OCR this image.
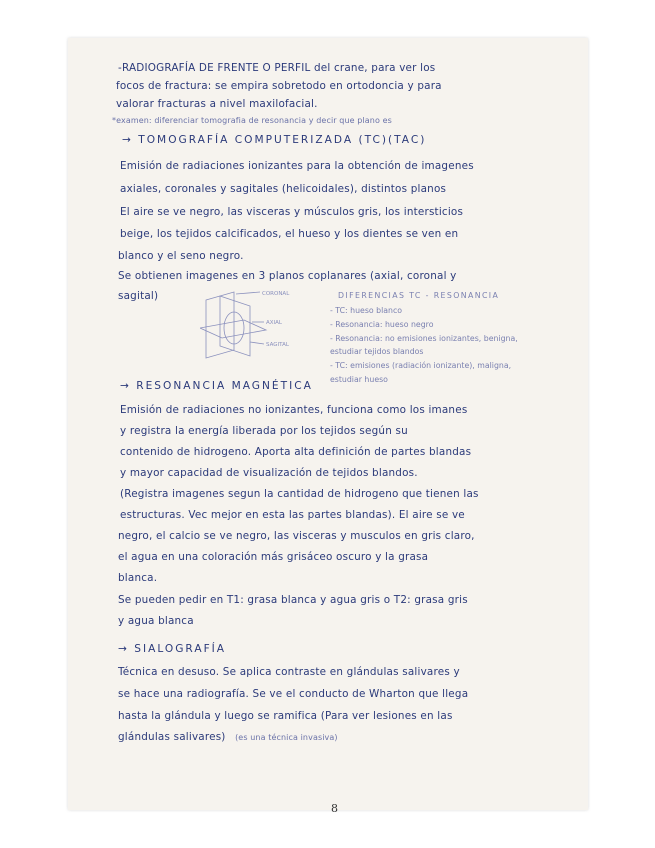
-RADIOGRAFÍA DE FRENTE O PERFIL del crane, para ver los
focos de fractura: se empira sobretodo en ortodoncia y para
valorar fracturas a nivel maxilofacial.
*examen: diferenciar tomografia de resonancia y decir que plano es
→ TOMOGRAFÍA COMPUTERIZADA (TC)(TAC)
Emisión de radiaciones ionizantes para la obtención de imagenes
axiales, coronales y sagitales (helicoidales), distintos planos
El aire se ve negro, las visceras y músculos gris, los intersticios
beige, los tejidos calcificados, el hueso y los dientes se ven en
blanco y el seno negro.
Se obtienen imagenes en 3 planos coplanares (axial, coronal y
sagital)	CORONAL
AXIAL
SAGITAL
DIFERENCIAS TC - RESONANCIA
- TC: hueso blanco
- Resonancia: hueso negro
- Resonancia: no emisiones ionizantes, benigna,
estudiar tejidos blandos
- TC: emisiones (radiación ionizante), maligna,
estudiar hueso
→ RESONANCIA MAGNÉTICA
Emisión de radiaciones no ionizantes, funciona como los imanes
y registra la energía liberada por los tejidos según su
contenido de hidrogeno. Aporta alta definición de partes blandas
y mayor capacidad de visualización de tejidos blandos.
(Registra imagenes segun la cantidad de hidrogeno que tienen las
estructuras. Vec mejor en esta las partes blandas). El aire se ve
negro, el calcio se ve negro, las visceras y musculos en gris claro,
el agua en una coloración más grisáceo oscuro y la grasa
blanca.
Se pueden pedir en T1: grasa blanca y agua gris o T2: grasa gris
y agua blanca
→ SIALOGRAFÍA
Técnica en desuso. Se aplica contraste en glándulas salivares y
se hace una radiografía. Se ve el conducto de Wharton que llega
hasta la glándula y luego se ramifica (Para ver lesiones en las
glándulas salivares) (es una técnica invasiva)
8
